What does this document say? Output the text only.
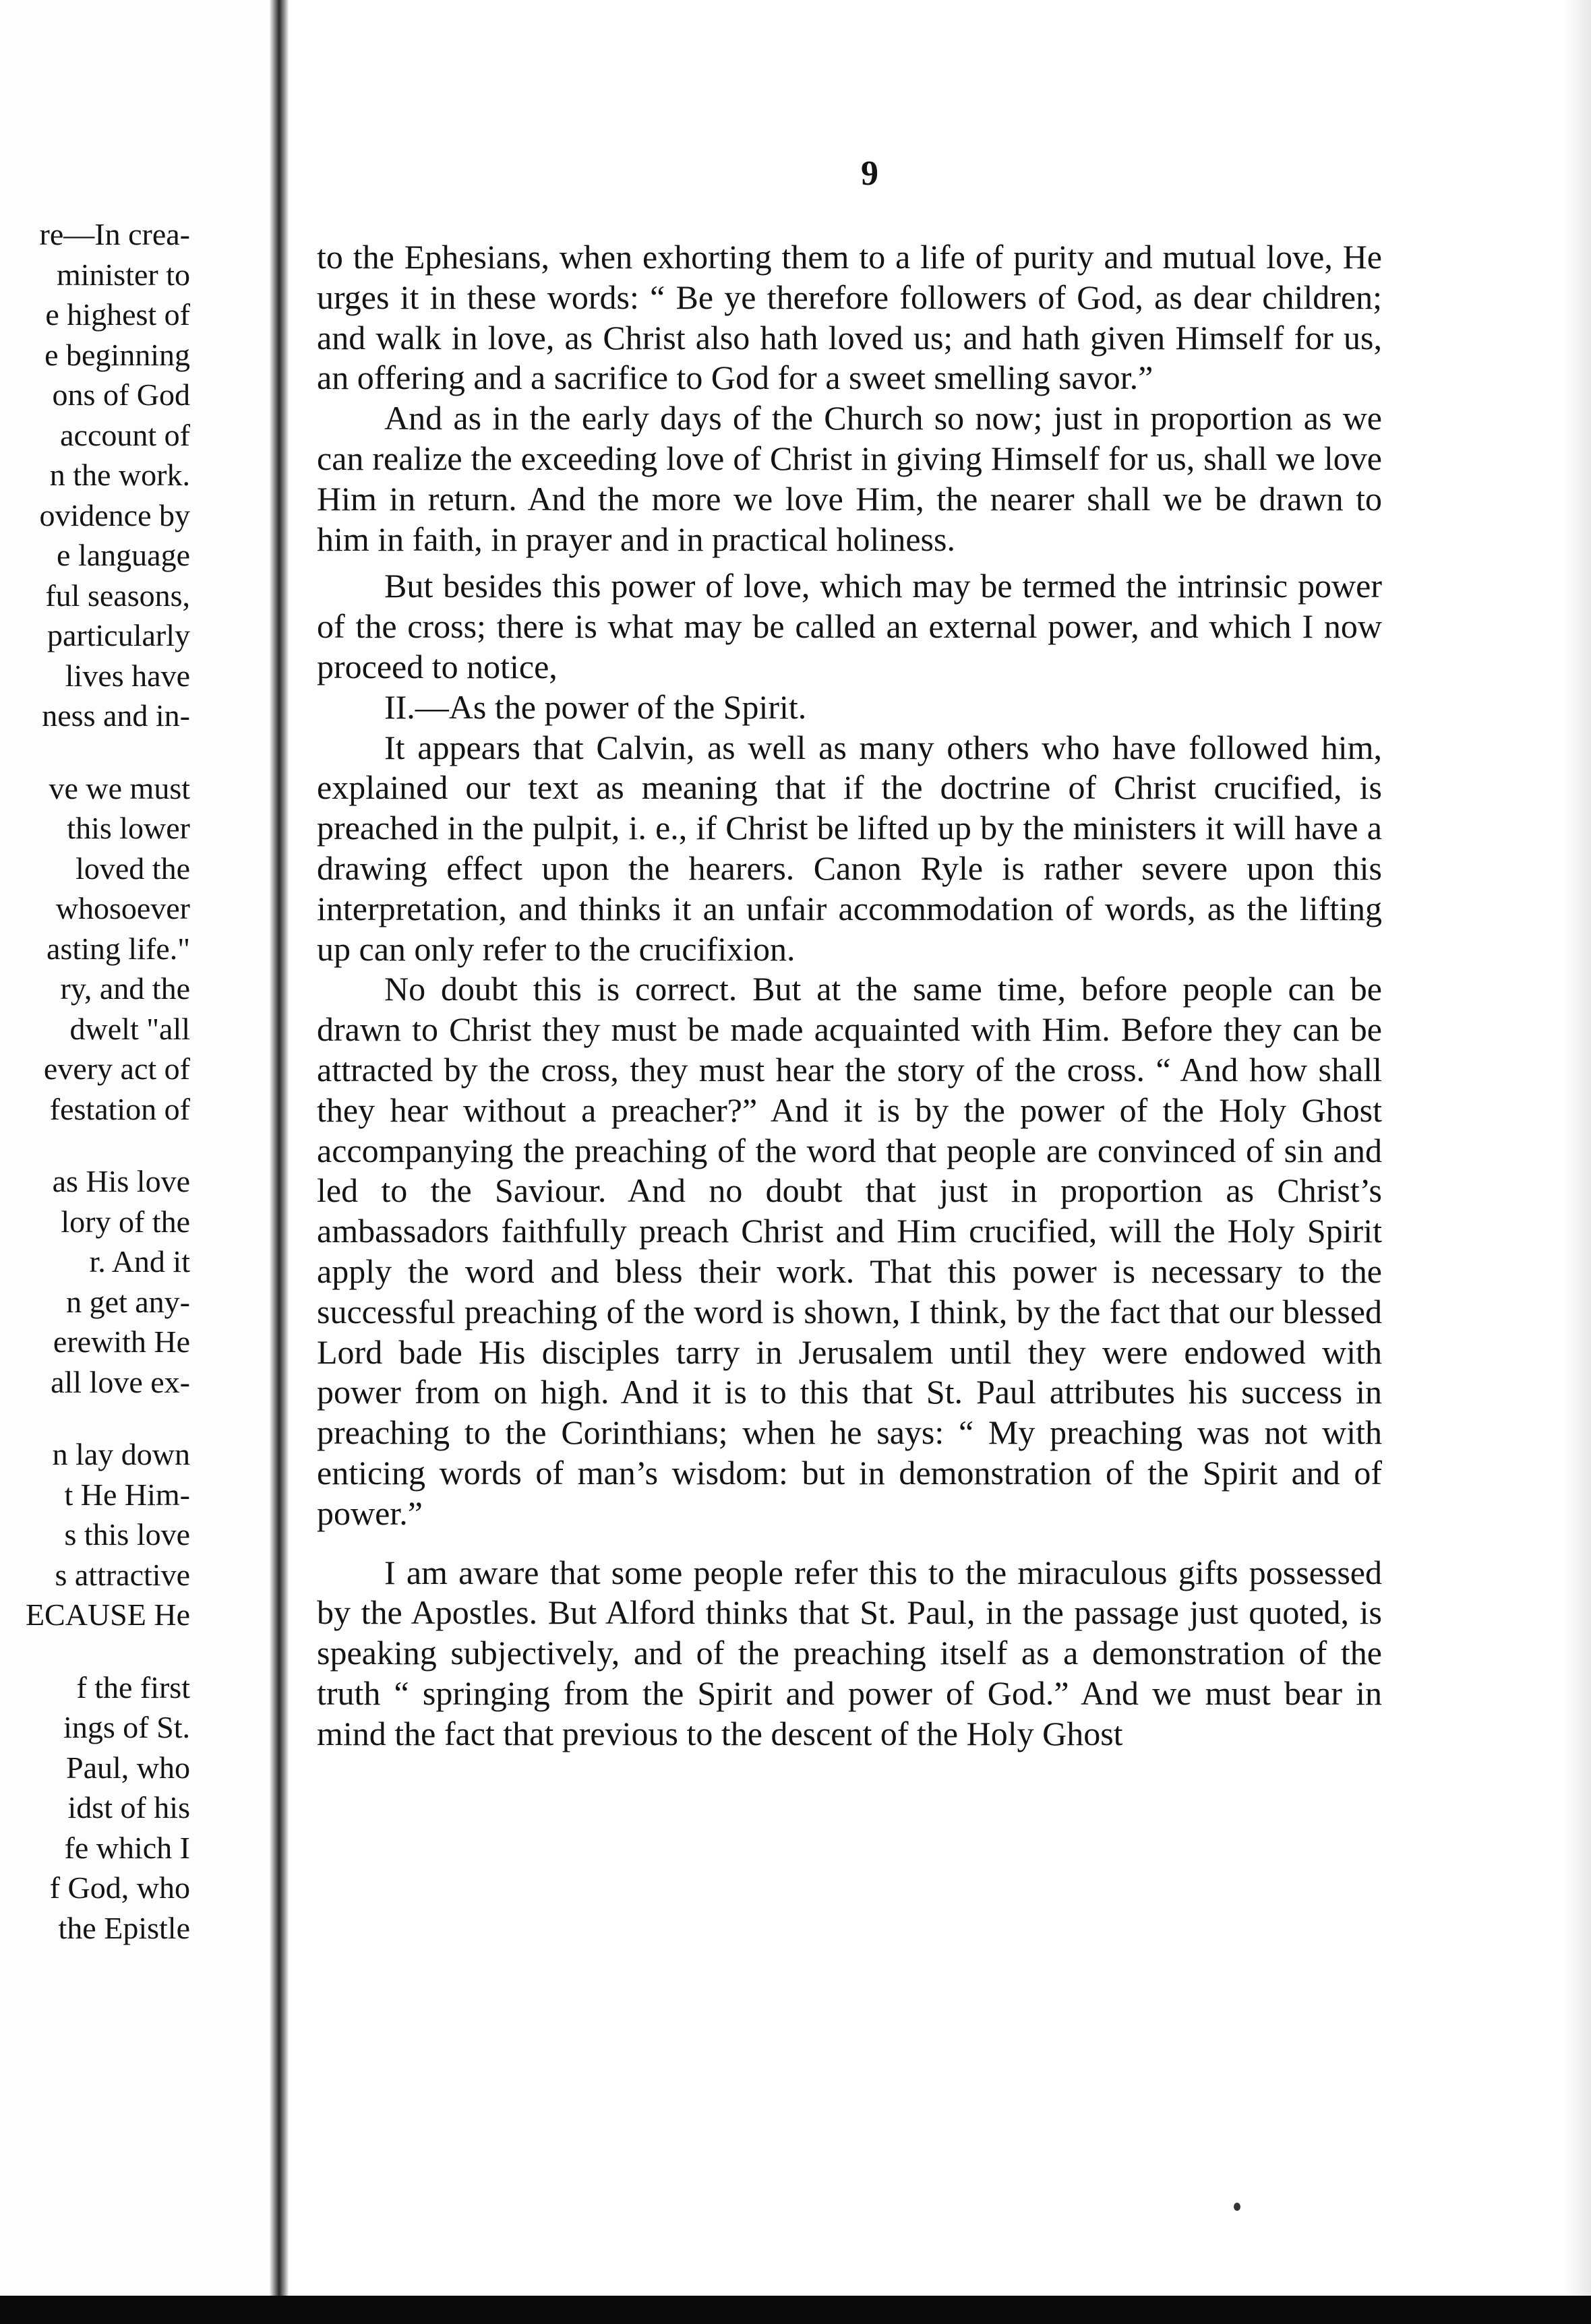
re—In crea-
minister to
e highest of
e beginning
ons of God
account of
n the work.
ovidence by
e language
ful seasons,
particularly
lives have
ness and in-
ve we must
this lower
loved the
whosoever
asting life."
ry, and the
dwelt "all
every act of
festation of
as His love
lory of the
r. And it
n get any-
erewith He
all love ex-
n lay down
t He Him-
s this love
s attractive
ECAUSE He
f the first
ings of St.
Paul, who
idst of his
fe which I
f God, who
the Epistle
9

to the Ephesians, when exhorting them to a life of purity and mutual love, He urges it in these words: “ Be ye therefore followers of God, as dear children; and walk in love, as Christ also hath loved us; and hath given Himself for us, an offering and a sacrifice to God for a sweet smelling savor.”

And as in the early days of the Church so now; just in proportion as we can realize the exceeding love of Christ in giving Himself for us, shall we love Him in return. And the more we love Him, the nearer shall we be drawn to him in faith, in prayer and in practical holiness.

But besides this power of love, which may be termed the intrinsic power of the cross; there is what may be called an external power, and which I now proceed to notice,

II.—As the power of the Spirit.

It appears that Calvin, as well as many others who have followed him, explained our text as meaning that if the doctrine of Christ crucified, is preached in the pulpit, i. e., if Christ be lifted up by the ministers it will have a drawing effect upon the hearers. Canon Ryle is rather severe upon this interpretation, and thinks it an unfair accommodation of words, as the lifting up can only refer to the crucifixion.

No doubt this is correct. But at the same time, before people can be drawn to Christ they must be made acquainted with Him. Before they can be attracted by the cross, they must hear the story of the cross. “ And how shall they hear without a preacher?” And it is by the power of the Holy Ghost accompanying the preaching of the word that people are convinced of sin and led to the Saviour. And no doubt that just in proportion as Christ’s ambassadors faithfully preach Christ and Him crucified, will the Holy Spirit apply the word and bless their work. That this power is necessary to the successful preaching of the word is shown, I think, by the fact that our blessed Lord bade His disciples tarry in Jerusalem until they were endowed with power from on high. And it is to this that St. Paul attributes his success in preaching to the Corinthians; when he says: “ My preaching was not with enticing words of man’s wisdom: but in demonstration of the Spirit and of power.”

I am aware that some people refer this to the miraculous gifts possessed by the Apostles. But Alford thinks that St. Paul, in the passage just quoted, is speaking subjectively, and of the preaching itself as a demonstration of the truth “ springing from the Spirit and power of God.” And we must bear in mind the fact that previous to the descent of the Holy Ghost
